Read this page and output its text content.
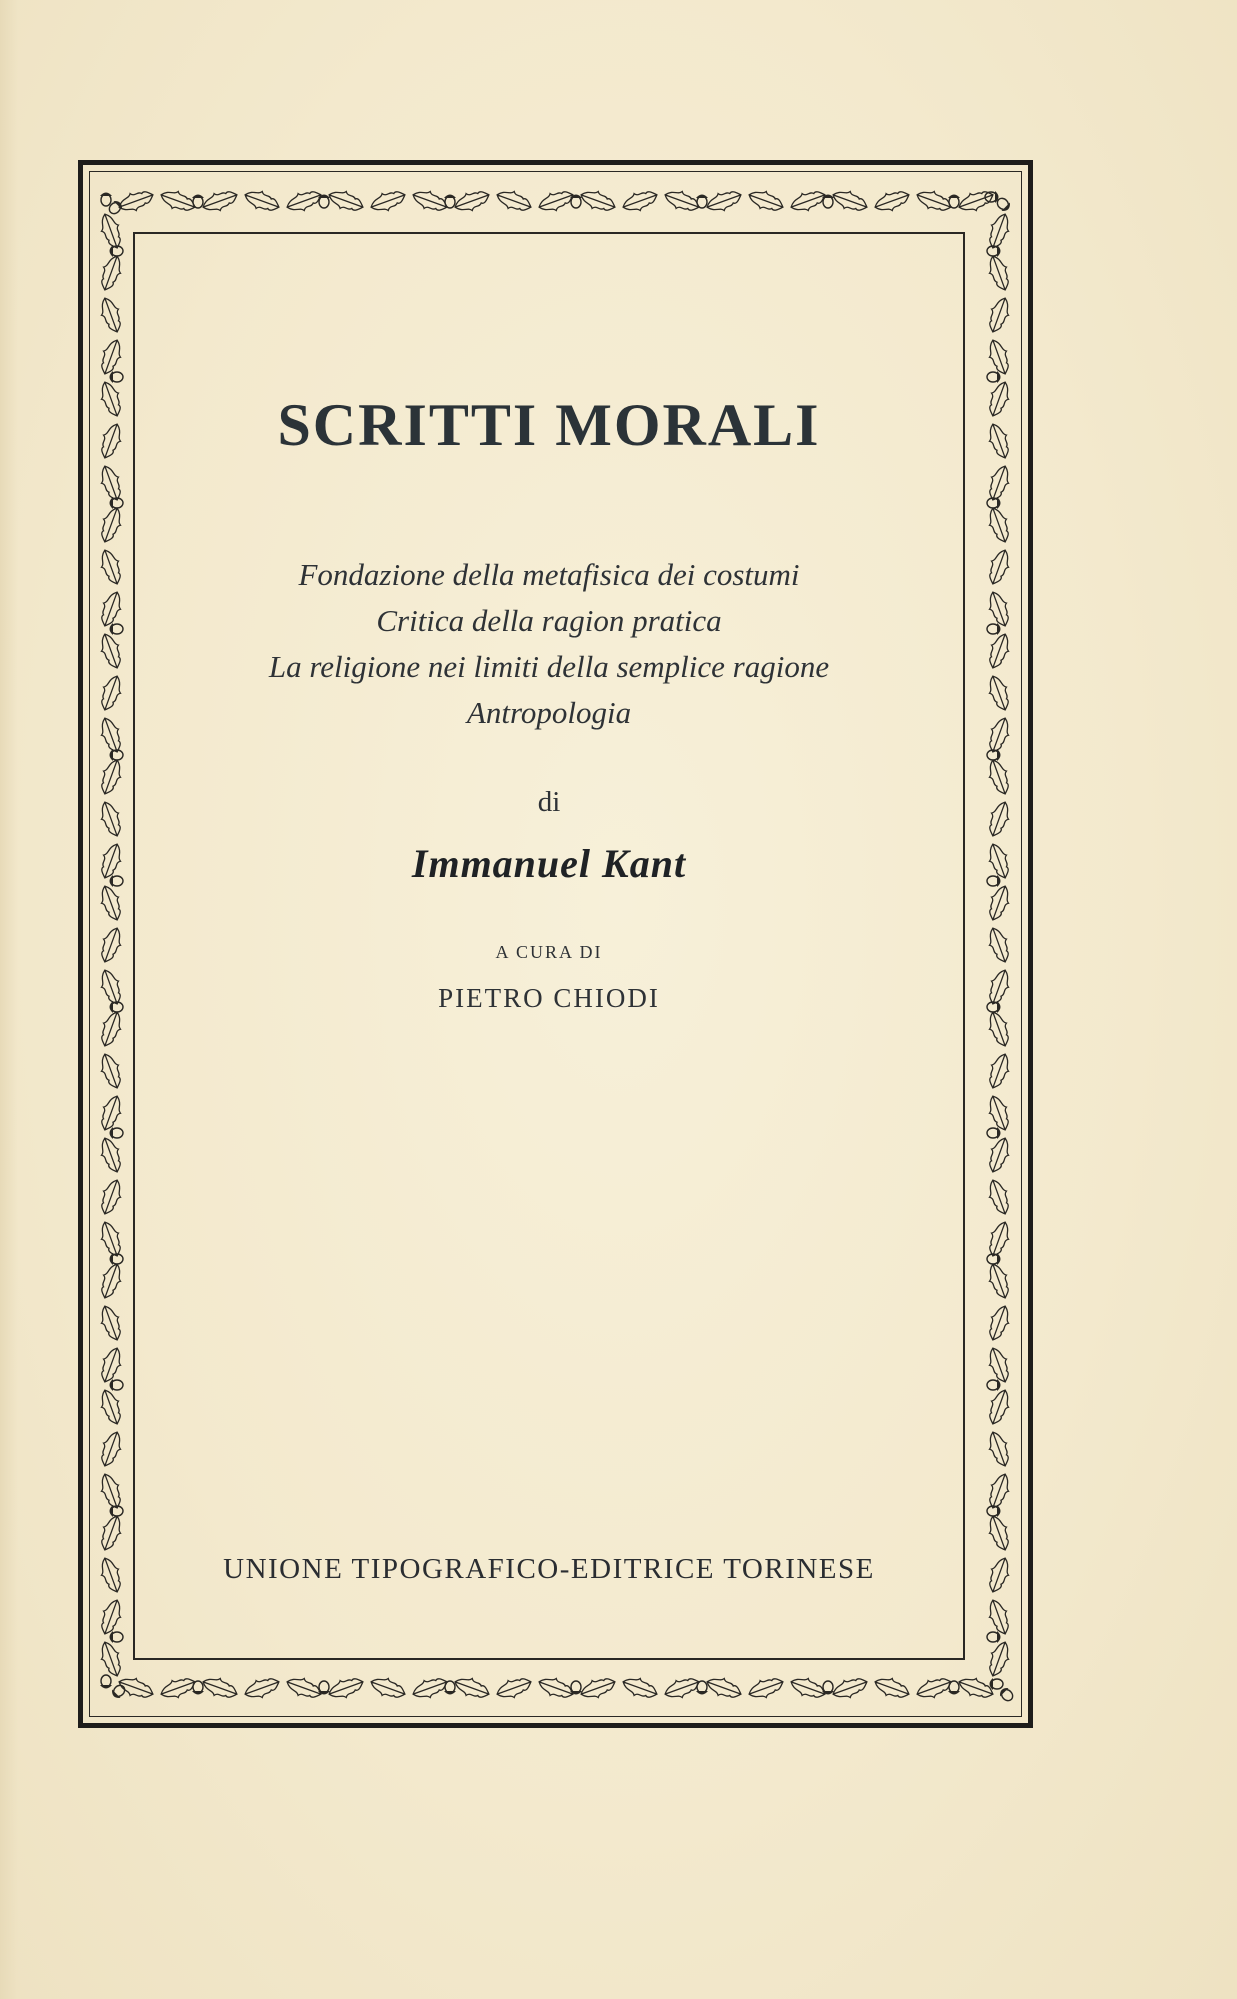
SCRITTI MORALI
Fondazione della metafisica dei costumi
Critica della ragion pratica
La religione nei limiti della semplice ragione
Antropologia
di
Immanuel Kant
A CURA DI
PIETRO CHIODI
UNIONE TIPOGRAFICO-EDITRICE TORINESE
